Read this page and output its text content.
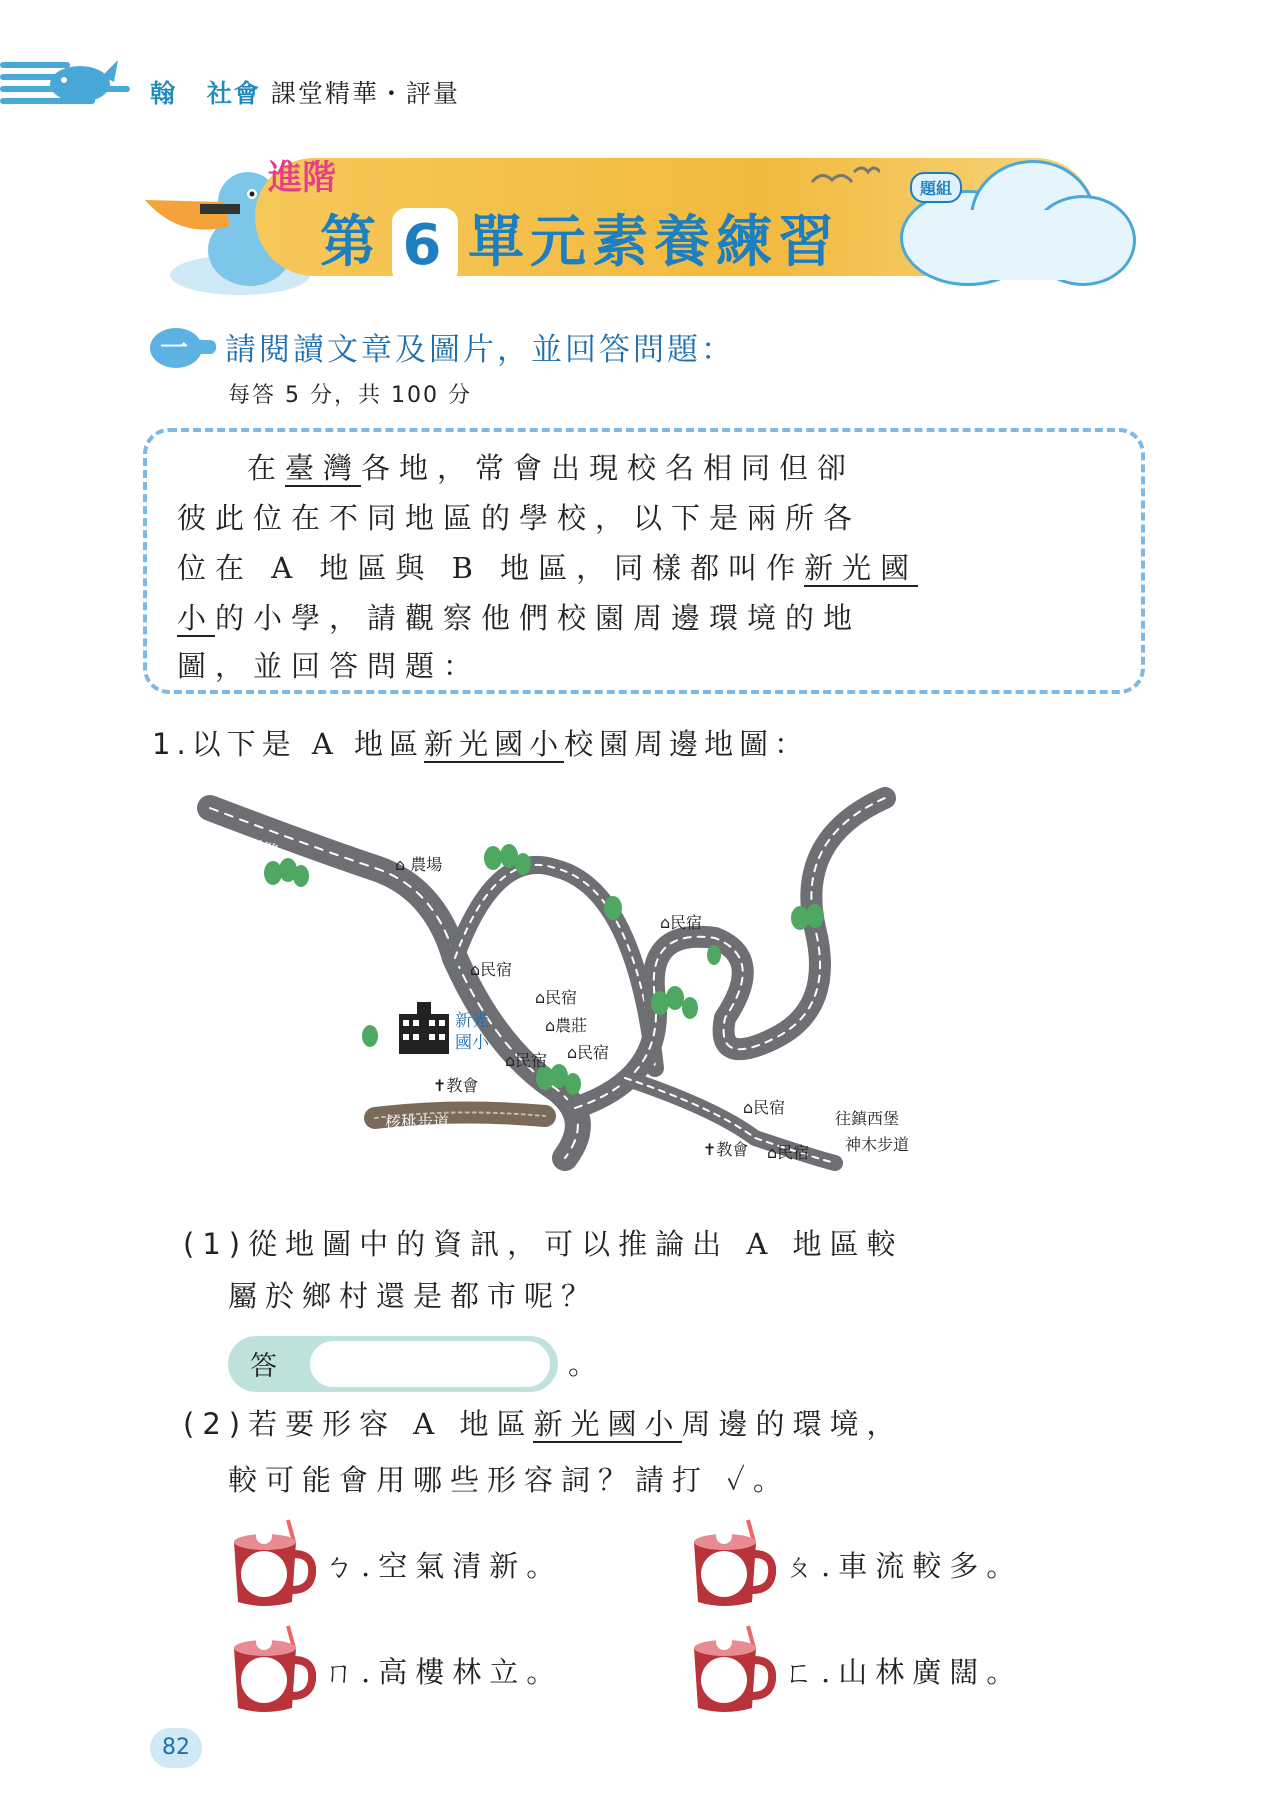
翰 社會 課堂精華・評量
進階
第 6 單元素養練習
題組
一 請閱讀文章及圖片，並回答問題：
每答 5 分，共 100 分
在臺灣各地，常會出現校名相同但卻
彼此位在不同地區的學校，以下是兩所各
位在 A 地區與 B 地區，同樣都叫作新光國
小的小學，請觀察他們校園周邊環境的地
圖，並回答問題：
1.以下是 A 地區新光國小校園周邊地圖：
新光道路
⌂ 農場
⌂民宿
⌂民宿
⌂民宿
⌂農莊
新光
國小
⌂民宿 ⌂民宿
✝教會
核桃步道
⌂民宿
✝教會 ⌂民宿
往鎮西堡
神木步道
(1)從地圖中的資訊，可以推論出 A 地區較
屬於鄉村還是都市呢？
答	。
(2)若要形容 A 地區新光國小周邊的環境，
較可能會用哪些形容詞？請打 ✓。
ㄅ.空氣清新。	ㄆ.車流較多。
ㄇ.高樓林立。	ㄈ.山林廣闊。
82
